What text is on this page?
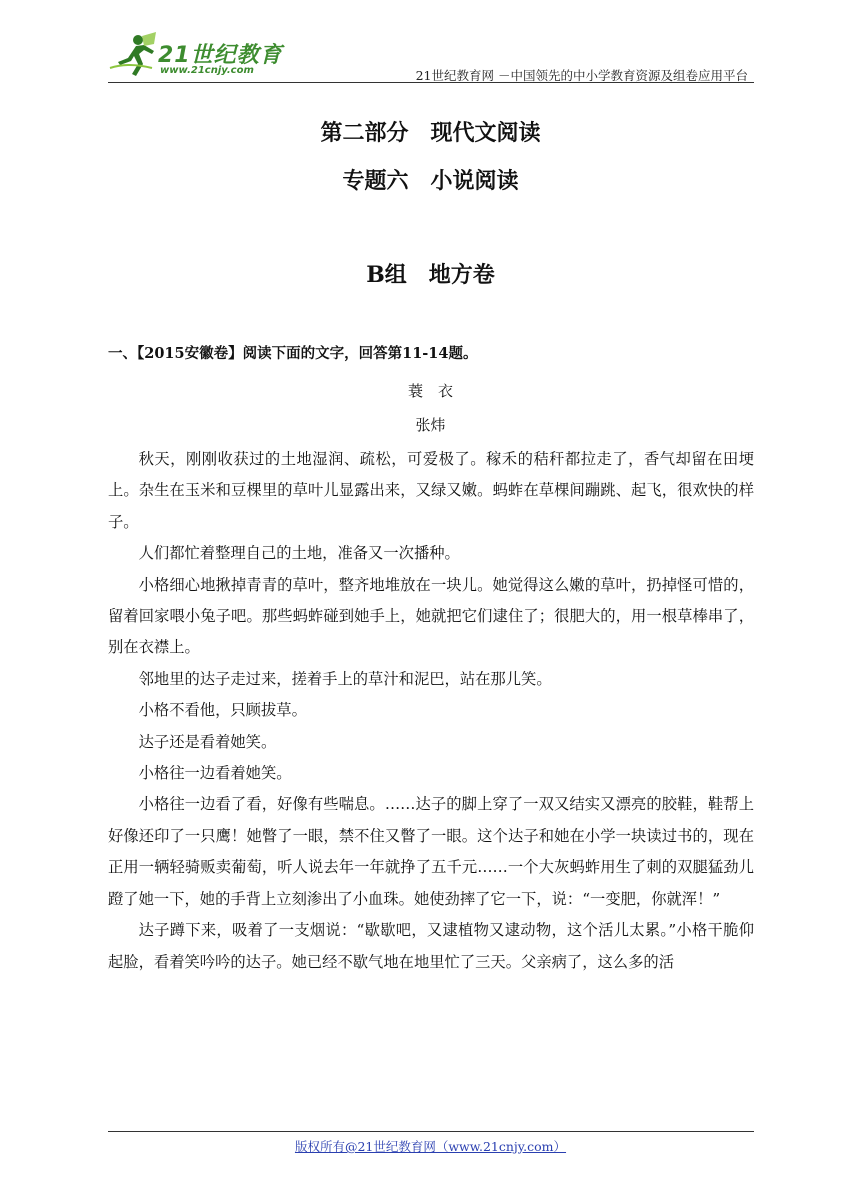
21世纪教育
www.21cnjy.com	21世纪教育网 －中国领先的中小学教育资源及组卷应用平台
第二部分　现代文阅读
专题六　小说阅读
B组　地方卷
一、【2015安徽卷】阅读下面的文字，回答第11-14题。
蓑　衣
张炜

秋天，刚刚收获过的土地湿润、疏松，可爱极了。稼禾的秸秆都拉走了，香气却留在田埂上。杂生在玉米和豆棵里的草叶儿显露出来，又绿又嫩。蚂蚱在草棵间蹦跳、起飞，很欢快的样子。

人们都忙着整理自己的土地，准备又一次播种。

小格细心地揪掉青青的草叶，整齐地堆放在一块儿。她觉得这么嫩的草叶，扔掉怪可惜的，留着回家喂小兔子吧。那些蚂蚱碰到她手上，她就把它们逮住了；很肥大的，用一根草棒串了，别在衣襟上。

邻地里的达子走过来，搓着手上的草汁和泥巴，站在那儿笑。

小格不看他，只顾拔草。

达子还是看着她笑。

小格往一边看着她笑。

小格往一边看了看，好像有些喘息。……达子的脚上穿了一双又结实又漂亮的胶鞋，鞋帮上好像还印了一只鹰！她瞥了一眼，禁不住又瞥了一眼。这个达子和她在小学一块读过书的，现在正用一辆轻骑贩卖葡萄，听人说去年一年就挣了五千元……一个大灰蚂蚱用生了刺的双腿猛劲儿蹬了她一下，她的手背上立刻渗出了小血珠。她使劲摔了它一下，说：“一变肥，你就浑！”

达子蹲下来，吸着了一支烟说：“歇歇吧，又逮植物又逮动物，这个活儿太累。”小格干脆仰起脸，看着笑吟吟的达子。她已经不歇气地在地里忙了三天。父亲病了，这么多的活

版权所有@21世纪教育网（www.21cnjy.com）
